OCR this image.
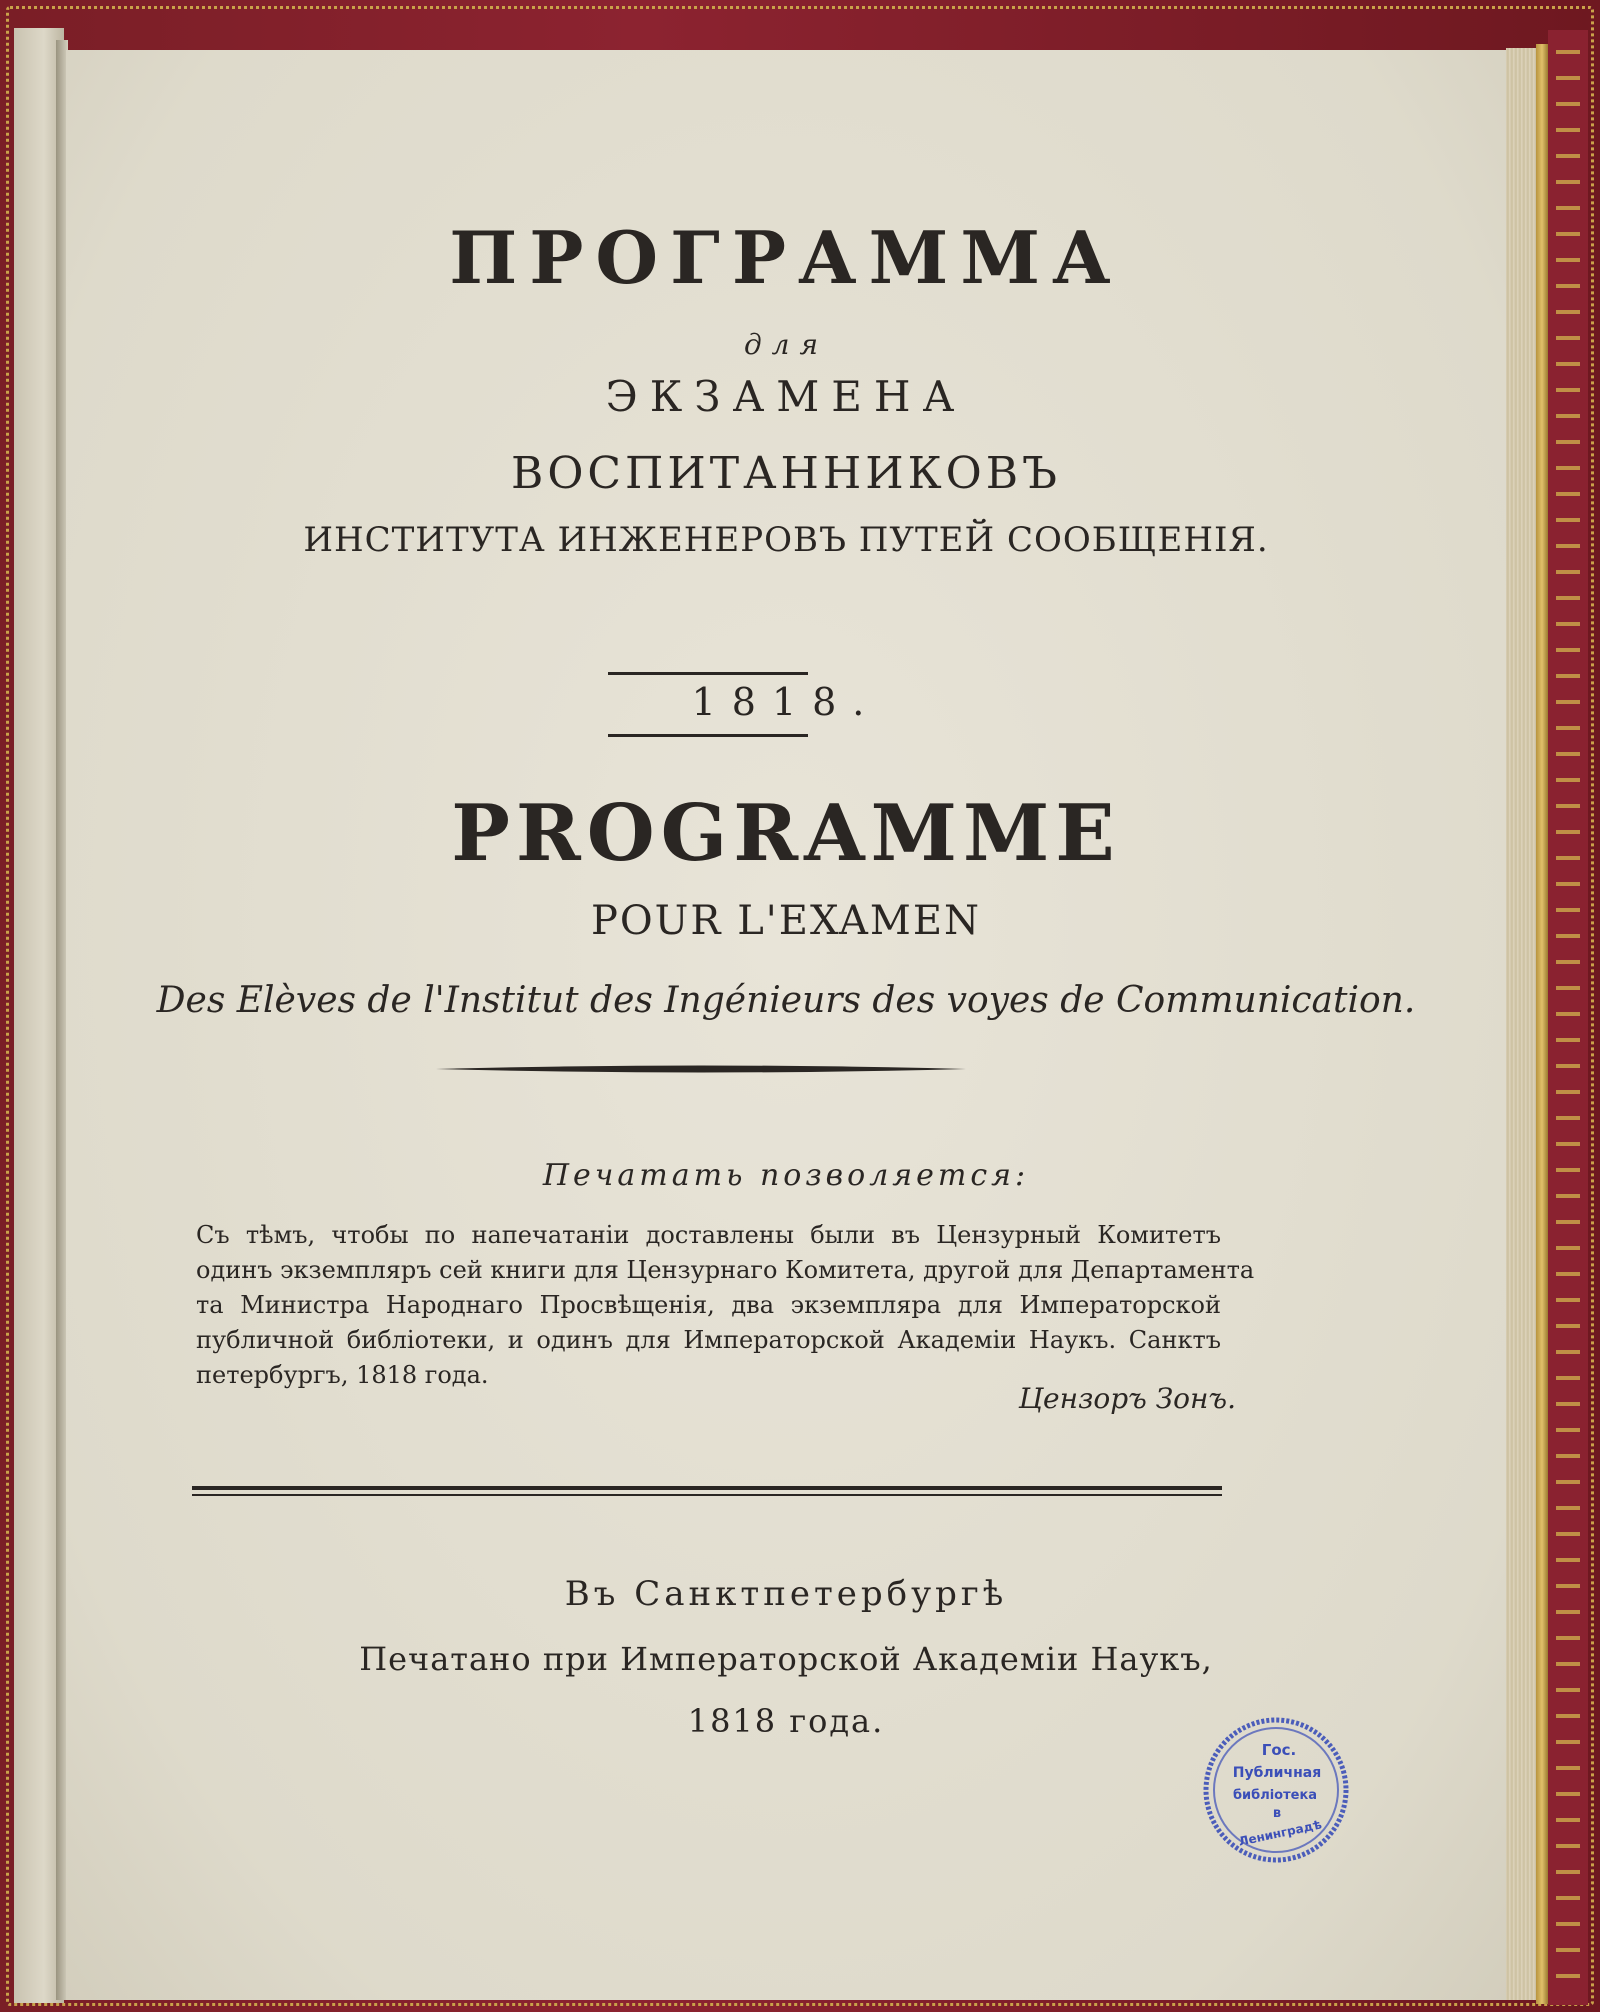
ПРОГРАММА
для
ЭКЗАМЕНА
ВОСПИТАННИКОВЪ
ИНСТИТУТА ИНЖЕНЕРОВЪ ПУТЕЙ СООБЩЕНІЯ.
1818.
PROGRAMME
POUR L'EXAMEN
Des Elèves de l'Institut des Ingénieurs des voyes de Communication.
Печатать позволяется:
Съ тѣмъ, чтобы по напечатаніи доставлены были въ Цензурный Комитетъ
одинъ экземпляръ сей книги для Цензурнаго Комитета, другой для Департамента
та Министра Народнаго Просвѣщенія, два экземпляра для Императорской
публичной библіотеки, и одинъ для Императорской Академіи Наукъ. Санктъ
петербургъ, 1818 года.
Цензоръ Зонъ.
Въ Санктпетербургѣ
Печатано при Императорской Академіи Наукъ,
1818 года.
Гос.
Публичная
библіотека
в
Ленинградѣ
